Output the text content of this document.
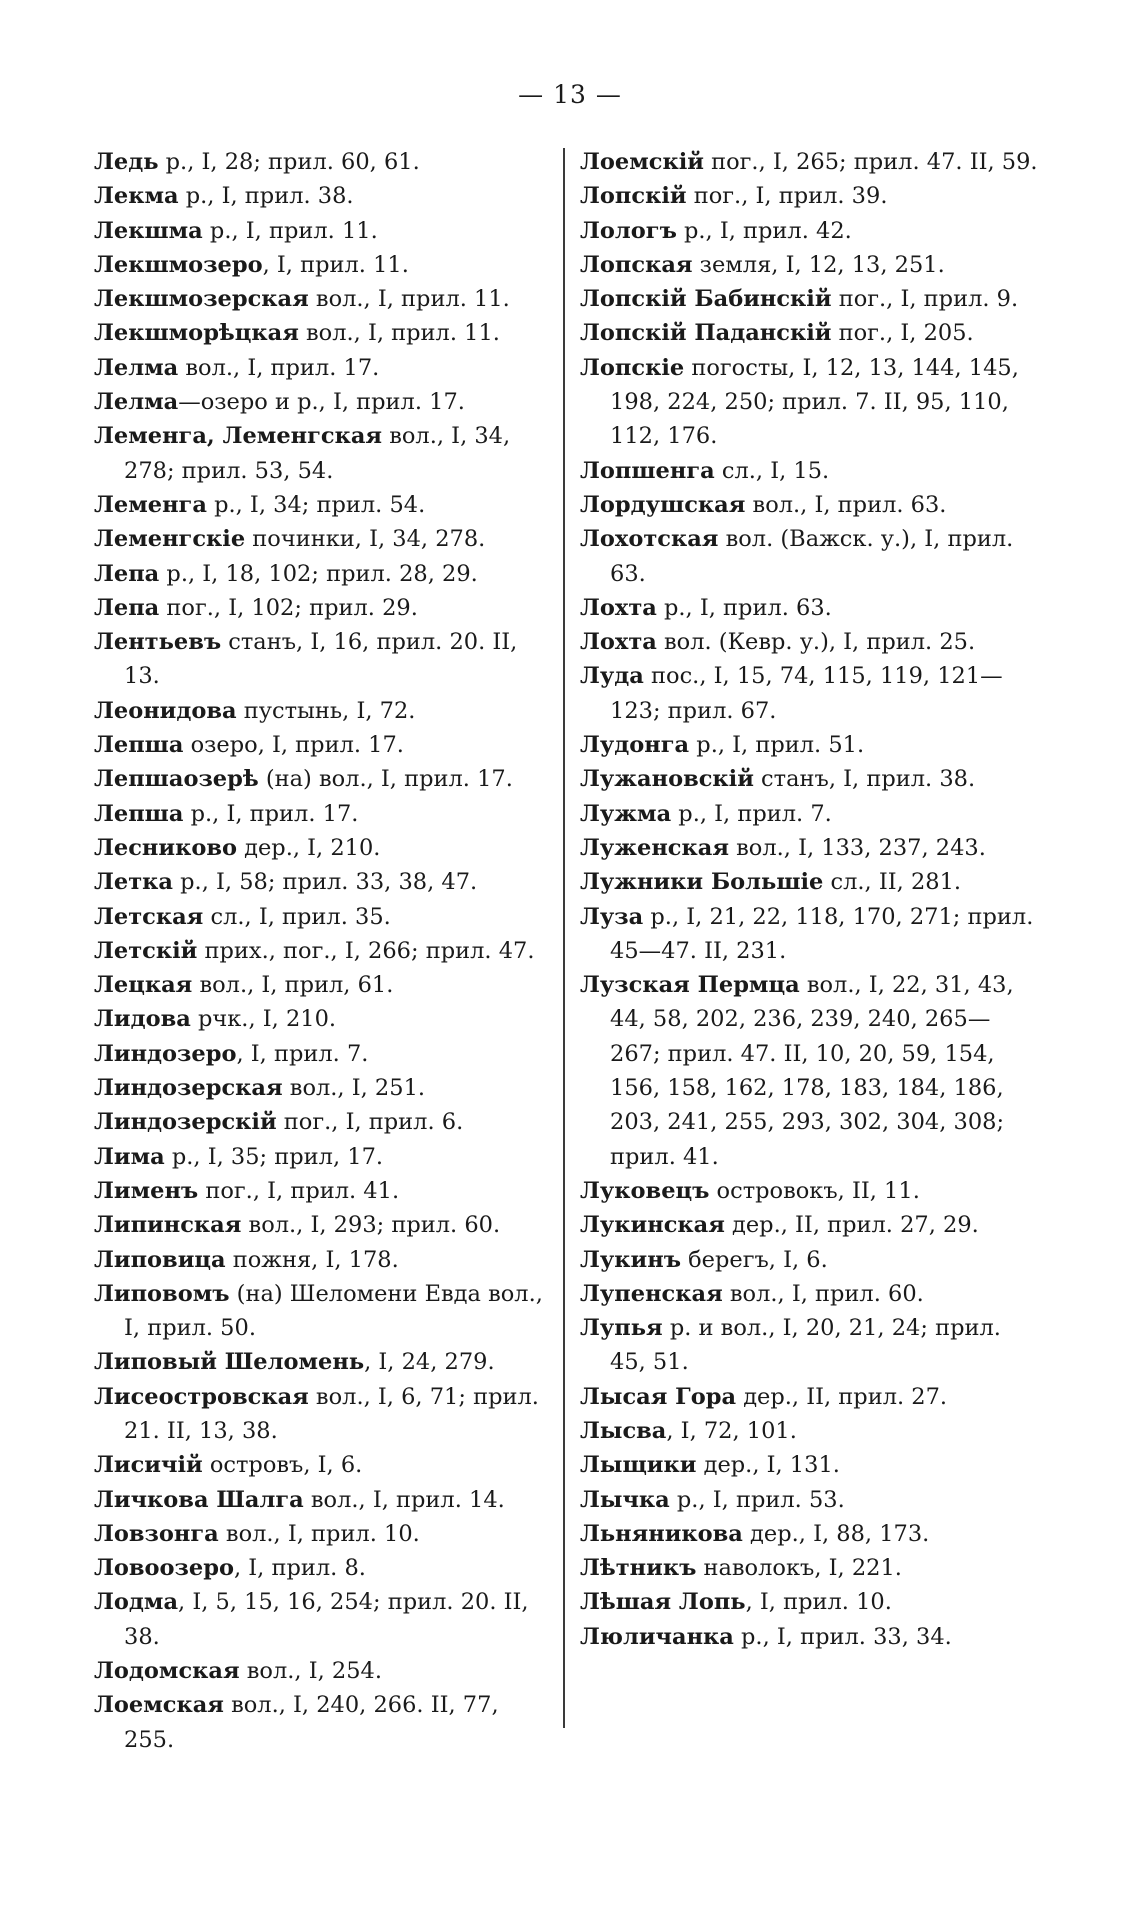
— 13 —

Ледь р., I, 28; прил. 60, 61.

Лекма р., I, прил. 38.

Лекшма р., I, прил. 11.

Лекшмозеро, I, прил. 11.

Лекшмозерская вол., I, прил. 11.

Лекшморѣцкая вол., I, прил. 11.

Лелма вол., I, прил. 17.

Лелма—озеро и р., I, прил. 17.

Леменга, Леменгская вол., I, 34, 278; прил. 53, 54.

Леменга р., I, 34; прил. 54.

Леменгскіе починки, I, 34, 278.

Лепа р., I, 18, 102; прил. 28, 29.

Лепа пог., I, 102; прил. 29.

Лентьевъ станъ, I, 16, прил. 20. II, 13.

Леонидова пустынь, I, 72.

Лепша озеро, I, прил. 17.

Лепшаозерѣ (на) вол., I, прил. 17.

Лепша р., I, прил. 17.

Лесниково дер., I, 210.

Летка р., I, 58; прил. 33, 38, 47.

Летская сл., I, прил. 35.

Летскій прих., пог., I, 266; прил. 47.

Лецкая вол., I, прил, 61.

Лидова рчк., I, 210.

Линдозеро, I, прил. 7.

Линдозерская вол., I, 251.

Линдозерскій пог., I, прил. 6.

Лима р., I, 35; прил, 17.

Лименъ пог., I, прил. 41.

Липинская вол., I, 293; прил. 60.

Липовица пожня, I, 178.

Липовомъ (на) Шеломени Евда вол., I, прил. 50.

Липовый Шеломень, I, 24, 279.

Лисеостровская вол., I, 6, 71; прил. 21. II, 13, 38.

Лисичій островъ, I, 6.

Личкова Шалга вол., I, прил. 14.

Ловзонга вол., I, прил. 10.

Ловоозеро, I, прил. 8.

Лодма, I, 5, 15, 16, 254; прил. 20. II, 38.

Лодомская вол., I, 254.

Лоемская вол., I, 240, 266. II, 77, 255.

Лоемскій пог., I, 265; прил. 47. II, 59.

Лопскій пог., I, прил. 39.

Лологъ р., I, прил. 42.

Лопская земля, I, 12, 13, 251.

Лопскій Бабинскій пог., I, прил. 9.

Лопскій Паданскій пог., I, 205.

Лопскіе погосты, I, 12, 13, 144, 145, 198, 224, 250; прил. 7. II, 95, 110, 112, 176.

Лопшенга сл., I, 15.

Лордушская вол., I, прил. 63.

Лохотская вол. (Важск. у.), I, прил. 63.

Лохта р., I, прил. 63.

Лохта вол. (Кевр. у.), I, прил. 25.

Луда пос., I, 15, 74, 115, 119, 121—123; прил. 67.

Лудонга р., I, прил. 51.

Лужановскій станъ, I, прил. 38.

Лужма р., I, прил. 7.

Луженская вол., I, 133, 237, 243.

Лужники Большіе сл., II, 281.

Луза р., I, 21, 22, 118, 170, 271; прил. 45—47. II, 231.

Лузская Пермца вол., I, 22, 31, 43, 44, 58, 202, 236, 239, 240, 265—267; прил. 47. II, 10, 20, 59, 154, 156, 158, 162, 178, 183, 184, 186, 203, 241, 255, 293, 302, 304, 308; прил. 41.

Луковецъ островокъ, II, 11.

Лукинская дер., II, прил. 27, 29.

Лукинъ берегъ, I, 6.

Лупенская вол., I, прил. 60.

Лупья р. и вол., I, 20, 21, 24; прил. 45, 51.

Лысая Гора дер., II, прил. 27.

Лысва, I, 72, 101.

Лыщики дер., I, 131.

Лычка р., I, прил. 53.

Льняникова дер., I, 88, 173.

Лѣтникъ наволокъ, I, 221.

Лѣшая Лопь, I, прил. 10.

Люличанка р., I, прил. 33, 34.
